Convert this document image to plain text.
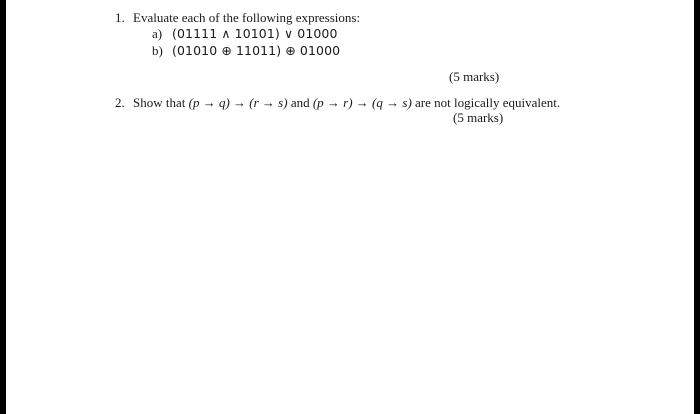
1. Evaluate each of the following expressions:
a) (01111 ∧ 10101) ∨ 01000
b) (01010 ⊕ 11011) ⊕ 01000
(5 marks)
2. Show that (p → q) → (r → s) and (p → r) → (q → s) are not logically equivalent.
(5 marks)
